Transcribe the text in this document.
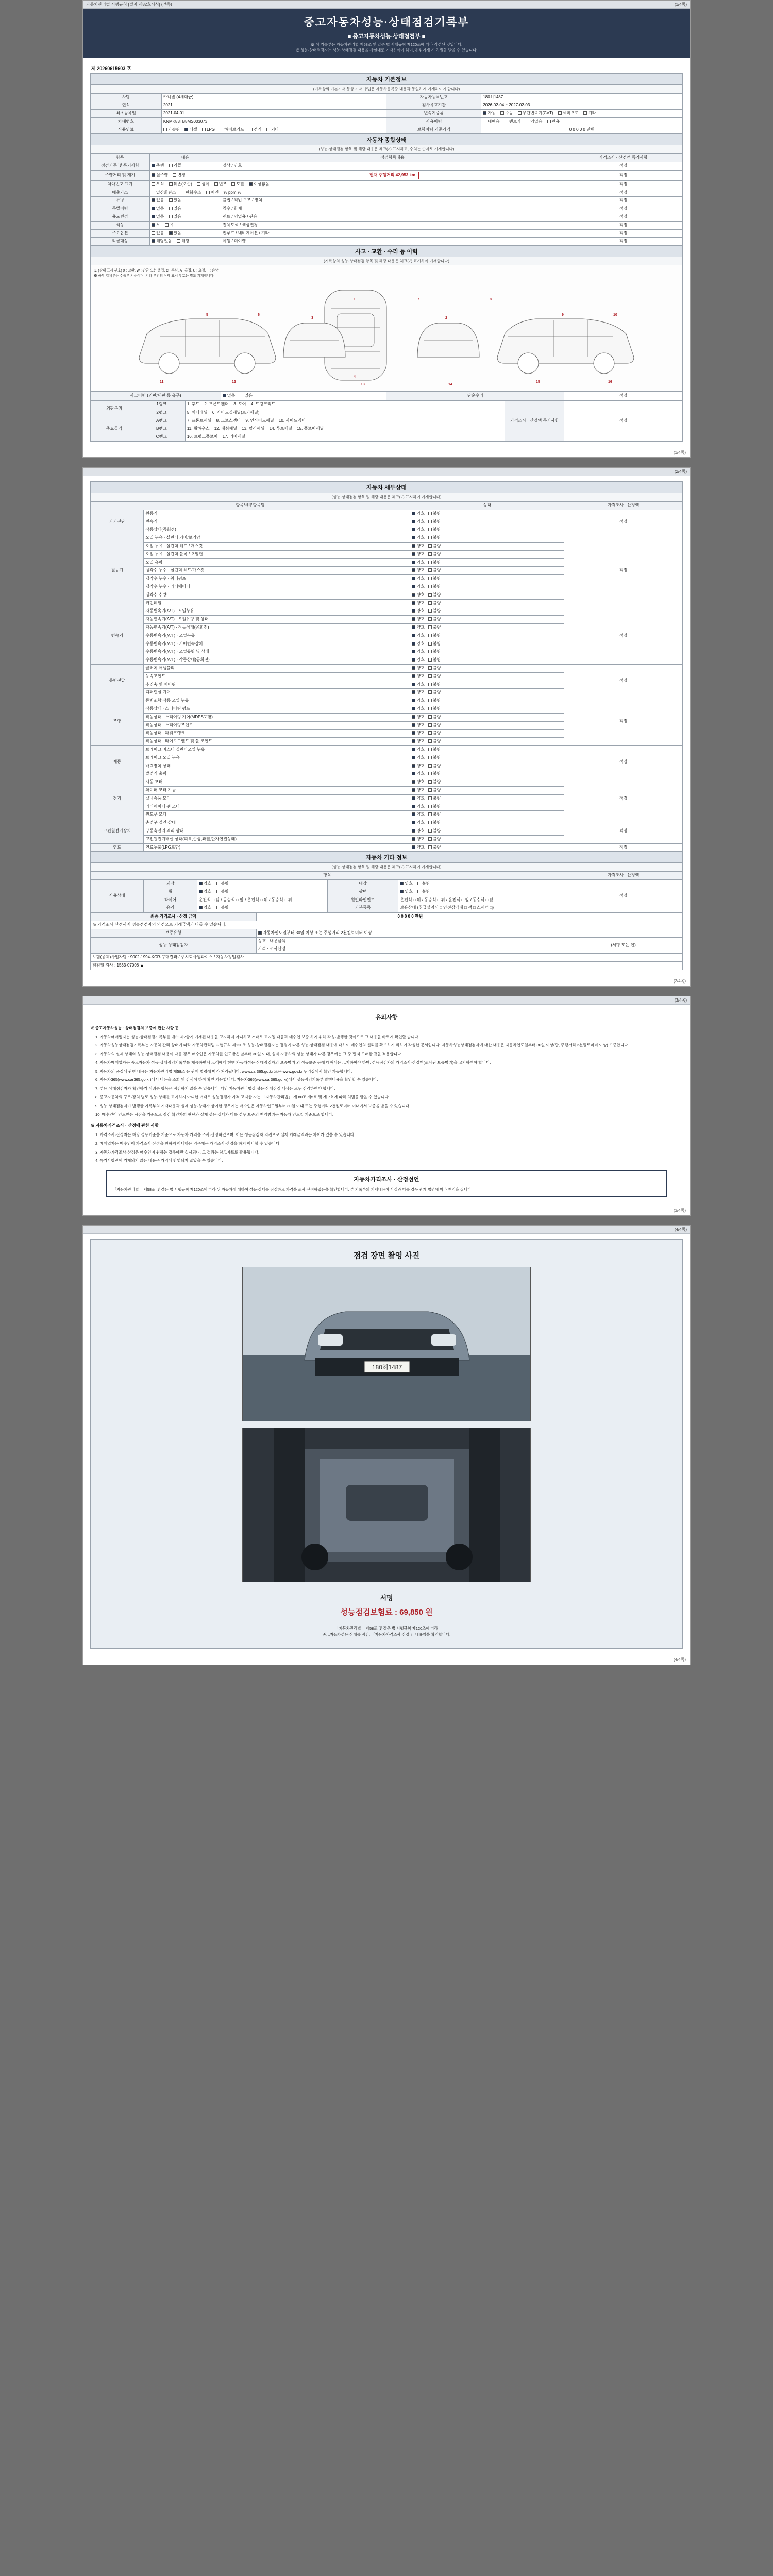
자동차관리법 시행규칙 [별지 제82호서식] (앞쪽)	(1/4쪽)
중고자동차성능·상태점검기록부
■ 중고자동차성능·상태점검부 ■
※ 이 기록부는 자동차관리법 제58조 및 같은 법 시행규칙 제120조에 따라 작성된 것입니다.
※ 성능·상태점검자는 성능·상태점검 내용을 사실대로 기재하여야 하며, 허위기재 시 처벌을 받을 수 있습니다.
제 20260615603 호
자동차 기본정보
(기록상의 기본기재 통상 기재 방법은 자동차등록증 내용과 동일하게 기재하여야 합니다)
차명	카니발 (4세대급)	자동차등록번호	180허1487
연식	2021	검사유효기간	2026-02-04 ~ 2027-02-03
최초등록일	2021-04-01	변속기종류	자동 수동 무단변속기(CVT) 세미오토 기타
차대번호	KNMK83TB8MS003073	사용이력	대여용 렌트카 영업용 관용
사용연료	가솔린 디젤 LPG 하이브리드 전기 기타	보험이력 기준가격	0 0 0 0 0 만원
자동차 종합상태
(성능·상태점검 항목 및 해당 내용은 체크(✓) 표시하고, 수치는 숫자로 기재합니다)
항목	내용	점검항목내용	가격조사 · 산정액 특기사항
점검기준 및 특기사항	주행 리콜	정상 / 양호	적정
주행거리 및 계기	실주행 변경	현재 주행거리 42,953 km	적정
차대번호 표기	부식 훼손(오손) 상이 변조 도말 이상없음		적정
배출가스	일산화탄소 탄화수소 매연 % ppm %		적정
튜닝	없음 있음	불법 / 적법 구조 / 장치	적정
특별이력	없음 있음	침수 / 화재	적정
용도변경	없음 있음	렌트 / 영업용 / 관용	적정
색상	무 유	전체도색 / 색상변경	적정
주요옵션	없음 있음	썬루프 / 내비게이션 / 기타	적정
리콜대상	해당없음 해당	이행 / 미이행	적정
사고 · 교환 · 수리 등 이력
(기록상의 성능·상태점검 항목 및 해당 내용은 체크(✓) 표시하여 기재합니다)
※ (상태 표시 부호) X : 교환, W : 판금 또는 용접, C : 부식, A : 흠집, U : 요철, T : 손상
※ 하부 입체부는 수출부 기준이며, 기타 부위의 상태 표시 부호는 별도 기재합니다.
1
4
2
3
5	6
7	8
9	10
11	12
13	14
15	16
사고이력 (외판/내판 등 유무)	없음 있음	단순수리	적정
외판부위	1랭크	1. 후드 2. 프론트펜더 3. 도어 4. 트렁크리드	가격조사 · 산정액 특기사항	적정
	2랭크	5. 쿼터패널 6. 사이드실패널(로커패널)		
주요골격	A랭크	7. 프론트패널 8. 크로스멤버 9. 인사이드패널 10. 사이드멤버		
	B랭크	11. 휠하우스 12. 대쉬패널 13. 필러패널 14. 루프패널 15. 플로어패널		
	C랭크	16. 트렁크플로어 17. 리어패널		
(1/4쪽)
(2/4쪽)
자동차 세부상태
(성능·상태점검 항목 및 해당 내용은 체크(✓) 표시하여 기재합니다)
항목/세부항목명		상태	가격조사 · 산정액
자기진단	원동기	양호 불량	적정
	변속기	양호 불량	
	작동상태(공회전)	양호 불량	
원동기	오일 누유 · 실린더 커버/로커암	양호 불량	적정
	오일 누유 · 실린더 헤드 / 개스킷	양호 불량	
	오일 누유 · 실린더 블록 / 오일팬	양호 불량	
	오일 유량	양호 불량	
	냉각수 누수 · 실린더 헤드/개스킷	양호 불량	
	냉각수 누수 · 워터펌프	양호 불량	
	냉각수 누수 · 라디에이터	양호 불량	
	냉각수 수량	양호 불량	
	커먼레일	양호 불량	
변속기	자동변속기(A/T) · 오일누유	양호 불량	적정
	자동변속기(A/T) · 오일유량 및 상태	양호 불량	
	자동변속기(A/T) · 작동상태(공회전)	양호 불량	
	수동변속기(M/T) · 오일누유	양호 불량	
	수동변속기(M/T) · 기어변속장치	양호 불량	
	수동변속기(M/T) · 오일유량 및 상태	양호 불량	
	수동변속기(M/T) · 작동상태(공회전)	양호 불량	
동력전달	클러치 어셈블리	양호 불량	적정
	등속조인트	양호 불량	
	추진축 및 베어링	양호 불량	
	디퍼렌셜 기어	양호 불량	
조향	동력조향 작동 오일 누유	양호 불량	적정
	작동상태 · 스티어링 펌프	양호 불량	
	작동상태 · 스티어링 기어(MDPS포함)	양호 불량	
	작동상태 · 스티어링조인트	양호 불량	
	작동상태 · 파워크랭크	양호 불량	
	작동상태 · 타이로드엔드 및 볼 조인트	양호 불량	
제동	브레이크 마스터 실린더오일 누유	양호 불량	적정
	브레이크 오일 누유	양호 불량	
	배력장치 상태	양호 불량	
	발전기 출력	양호 불량	
전기	시동 모터	양호 불량	적정
	와이퍼 모터 기능	양호 불량	
	실내송풍 모터	양호 불량	
	라디에이터 팬 모터	양호 불량	
	윈도우 모터	양호 불량	
고전원전기장치	충전구 절연 상태	양호 불량	적정
	구동축전지 격리 상태	양호 불량	
	고전원전기배선 상태(피복,손상,과열,단자연결상태)	양호 불량	
연료	연료누출(LPG포함)	양호 불량	적정
자동차 기타 정보
(성능·상태점검 항목 및 해당 내용은 체크(✓) 표시하여 기재합니다)
항목					가격조사 · 산정액
사용상태	외장	양호 불량	내장	양호 불량	적정
	휠	양호 불량	광택	양호 불량	
	타이어	운전석 □ 앞 / 동승석 □ 앞 / 운전석 □ 뒤 / 동승석 □ 뒤	휠얼라인먼트	운전석 □ 뒤 / 동승석 □ 뒤 / 운전석 □ 앞 / 동승석 □ 앞	
	유리	양호 불량	기본품목	보유상태 (취급설명서 □ 안전삼각대 □ 잭 □ 스패너 □)	
최종 가격조사 · 산정 금액	0 0 0 0 0 만원	
※ 가격조사·산정까지 성능점검자의 의견으로 거래금액과 다를 수 있습니다.		
보증유형	자동차인도일부터 30일 이상 또는 주행거리 2천킬로미터 이상	
성능·상태점검자	상호 · 내용금액	(서명 또는 인)
	가격 · 조사산정	
보험(공제)사업자명 : 9002-1994-KCR-구매결과 / 주시회사엠파이스 / 자동차정밀검사		
점검일 검사 : 1533-07008 ▲		
(2/4쪽)
(3/4쪽)
유의사항

※ 중고자동차성능 · 상태점검의 보증에 관한 사항 등

1. 자동차매매업자는 성능·상태점검기록부를 매수 제2항에 기재된 내용을 고지하지 아니하고 거래로 고지될 다음과 매수인 보증 하기 위해 작성·발행한 것이므로 그 내용을 바르게 확인할 습니다.

2. 자동차성능상태점검기록부는 자동차 관리 상태에 따라 자동차관리법 시행규칙 제120조 성능·상태점검자는 점검에 따른 성능·상태점검 내용에 대하여 매수인의 신뢰를 확보하기 위하여 작성한 문서입니다. 자동차성능상태점검자에 대한 내용은 자동차인도일부터 30일 이상(단, 주행거리 2천킬로미터 이상) 보증합니다.

3. 자동차의 실제 상태와 성능·상태점검 내용이 다를 경우 매수인은 자동차를 인도받은 날부터 30일 이내, 실제 자동차의 성능·상태가 다른 경우에는 그 중 먼저 도래한 것을 적용합니다.

4. 자동차매매업자는 중고자동차 성능·상태점검기록부를 제공하면서 고객에게 현행 자동차성능·상태점검자의 보증범위 외 성능보증 등에 대해서는 고지하여야 하며, 성능점검자의 가격조사·산정액(조사된 보증범위)을 고지하여야 합니다.

5. 자동차의 품질에 관한 내용은 자동차관리법 제58조 등 관계 법령에 따라 처리됩니다. www.car365.go.kr 또는 www.gov.kr 누리집에서 확인 가능합니다.

6. 자동차365(www.car365.go.kr)에서 내용을 조회 및 검색이 하여 확인 가능합니다. 자동차365(www.car365.go.kr)에서 성능점검기록부 발행내용을 확인할 수 있습니다.

7. 성능·상태점검자가 확인하기 어려운 항목은 점검하지 않을 수 있습니다. 다만 자동차관리법상 성능·상태점검 대상은 모두 점검하여야 합니다.

8. 중고자동차의 구조·장치 별로 성능·상태를 고지하지 아니한 거래로 성능점검자 가격 고지한 자는 「자동차관리법」 제 80조 제5호 및 제 7호에 따라 처벌을 받을 수 있습니다.

9. 성능·상태점검자가 발행한 기록부의 기재내용과 실제 성능·상태가 상이한 경우에는 매수인은 자동차인도일부터 30일 이내 또는 주행거리 2천킬로미터 이내에서 보증을 받을 수 있습니다.

10. 매수인이 인도받은 시점을 기준으로 점검 확인자의 판단과 실제 성능·상태가 다를 경우 보증의 책임범위는 자동차 인도일 기준으로 합니다.

※ 자동차가격조사 · 산정에 관한 사항

1. 가격조사·산정자는 해당 성능기준을 기준으로 자동차 가격을 조사·산정하였으며, 이는 성능점검자 의견으로 실제 거래금액과는 차이가 있을 수 있습니다.

2. 매매업자는 매수인이 가격조사·산정을 원하지 아니하는 경우에는 가격조사·산정을 하지 아니할 수 있습니다.

3. 자동차가격조사·산정은 매수인이 원하는 경우에만 실시되며, 그 결과는 참고자료로 활용됩니다.

4. 특기사항란에 기재되지 않은 내용은 가격에 반영되지 않았을 수 있습니다.

자동차가격조사 · 산정선언

「자동차관리법」 제58조 및 같은 법 시행규칙 제120조에 따라 위 자동차에 대하여 성능·상태를 점검하고 가격을 조사·산정하였음을 확인합니다. 본 기록부의 기재내용이 사실과 다를 경우 관계 법령에 따라 책임을 집니다.

(3/4쪽)
(4/4쪽)
점검 장면 촬영 사진
180허1487
서명
성능점검보험료 : 69,850 원
「자동차관리법」 제58조 및 같은 법 시행규칙 제120조에 따라
중고자동차성능·상태를 점검, 「자동차가격조사·산정 」 내용임을 확인합니다.
(4/4쪽)
